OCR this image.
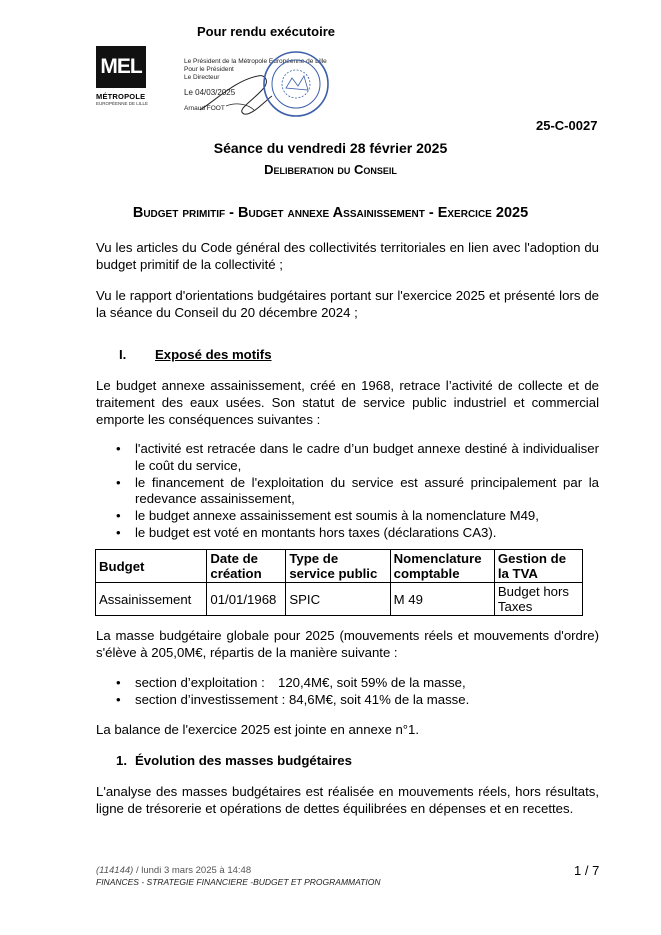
Pour rendu exécutoire
MEL
MÉTROPOLE
EUROPÉENNE DE LILLE
Le Président de la Métropole Européenne de Lille
Pour le Président
Le Directeur
Le 04/03/2025
Arnaud FOOT
25-C-0027
Séance du vendredi 28 février 2025
Deliberation du Conseil
Budget primitif - Budget annexe Assainissement - Exercice 2025

Vu les articles du Code général des collectivités territoriales en lien avec l'adoption du budget primitif de la collectivité ;

Vu le rapport d'orientations budgétaires portant sur l'exercice 2025 et présenté lors de la séance du Conseil du 20 décembre 2024 ;

I. Exposé des motifs

Le budget annexe assainissement, créé en 1968, retrace l’activité de collecte et de traitement des eaux usées. Son statut de service public industriel et commercial emporte les conséquences suivantes :

• l'activité est retracée dans le cadre d’un budget annexe destiné à individualiser le coût du service,
• le financement de l'exploitation du service est assuré principalement par la redevance assainissement,
• le budget annexe assainissement est soumis à la nomenclature M49,
• le budget est voté en montants hors taxes (déclarations CA3).
Budget	Date de création	Type de service public	Nomenclature comptable	Gestion de la TVA
Assainissement	01/01/1968	SPIC	M 49	Budget hors Taxes

La masse budgétaire globale pour 2025 (mouvements réels et mouvements d'ordre) s'élève à 205,0M€, répartis de la manière suivante :

• section d’exploitation : 120,4M€, soit 59% de la masse,
• section d’investissement : 84,6M€, soit 41% de la masse.

La balance de l'exercice 2025 est jointe en annexe n°1.

1. Évolution des masses budgétaires

L'analyse des masses budgétaires est réalisée en mouvements réels, hors résultats, ligne de trésorerie et opérations de dettes équilibrées en dépenses et en recettes.

(114144) / lundi 3 mars 2025 à 14:48
FINANCES - STRATEGIE FINANCIERE -BUDGET ET PROGRAMMATION
1 / 7
